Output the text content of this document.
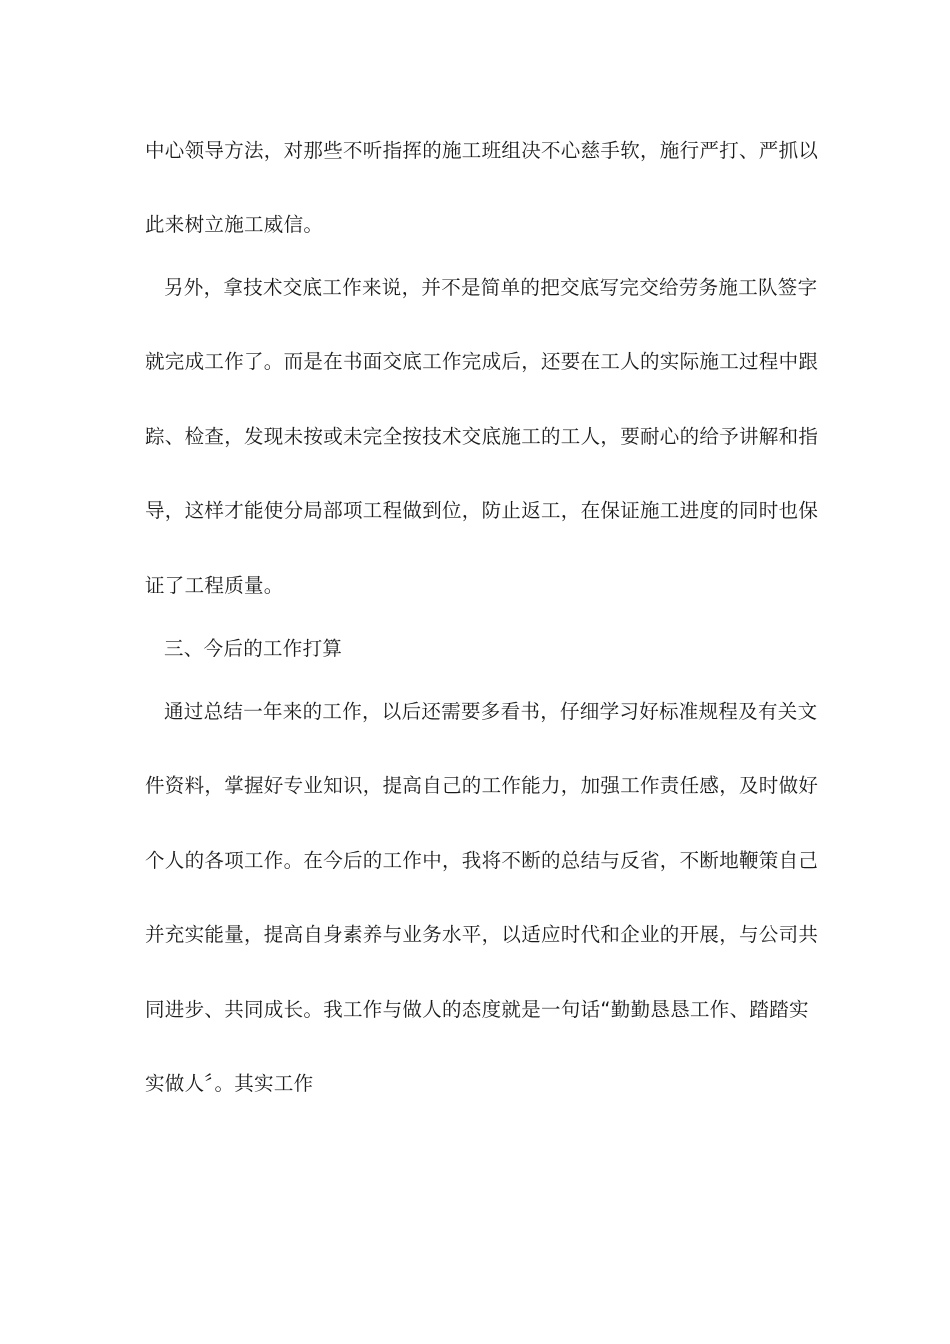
中心领导方法，对那些不听指挥的施工班组决不心慈手软，施行严打、严抓以
此来树立施工威信。
另外，拿技术交底工作来说，并不是简单的把交底写完交给劳务施工队签字
就完成工作了。而是在书面交底工作完成后，还要在工人的实际施工过程中跟
踪、检查，发现未按或未完全按技术交底施工的工人，要耐心的给予讲解和指
导，这样才能使分局部项工程做到位，防止返工，在保证施工进度的同时也保
证了工程质量。
三、今后的工作打算
通过总结一年来的工作，以后还需要多看书，仔细学习好标准规程及有关文
件资料，掌握好专业知识，提高自己的工作能力，加强工作责任感，及时做好
个人的各项工作。在今后的工作中，我将不断的总结与反省，不断地鞭策自己
并充实能量，提高自身素养与业务水平，以适应时代和企业的开展，与公司共
同进步、共同成长。我工作与做人的态度就是一句话“勤勤恳恳工作、踏踏实
实做人〞。其实工作
